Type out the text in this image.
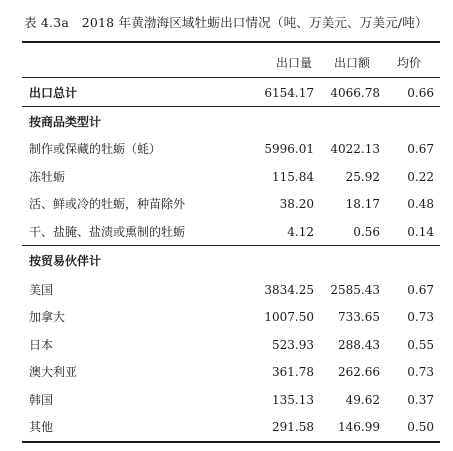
表 4.3a　2018 年黄渤海区域牡蛎出口情况（吨、万美元、万美元/吨）
出口量	出口额	均价
出口总计	6154.17 4066.78 0.66
按商品类型计
制作或保藏的牡蛎（蚝）	5996.01 4022.13 0.67
冻牡蛎	115.84	25.92 0.22
活、鲜或冷的牡蛎，种苗除外	38.20	18.17 0.48
干、盐腌、盐渍或熏制的牡蛎	4.12	0.56 0.14
按贸易伙伴计
美国	3834.25 2585.43 0.67
加拿大	1007.50 733.65 0.73
日本	523.93 288.43 0.55
澳大利亚	361.78 262.66 0.73
韩国	135.13	49.62 0.37
其他	291.58 146.99 0.50
